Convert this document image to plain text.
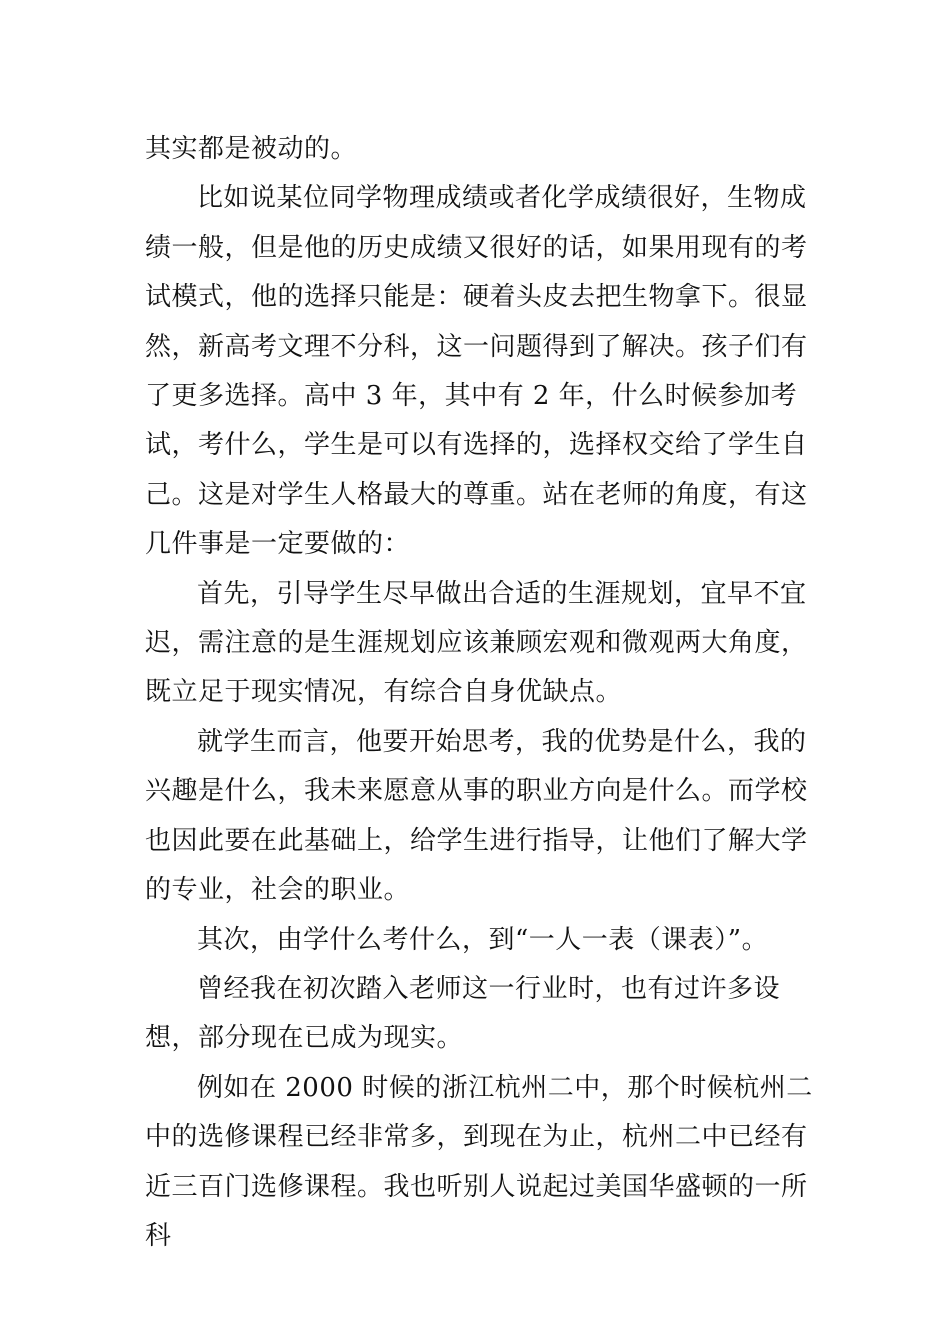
其实都是被动的。

比如说某位同学物理成绩或者化学成绩很好，生物成绩一般，但是他的历史成绩又很好的话，如果用现有的考试模式，他的选择只能是：硬着头皮去把生物拿下。很显然，新高考文理不分科，这一问题得到了解决。孩子们有了更多选择。高中 3 年，其中有 2 年，什么时候参加考试，考什么，学生是可以有选择的，选择权交给了学生自己。这是对学生人格最大的尊重。站在老师的角度，有这几件事是一定要做的：

首先，引导学生尽早做出合适的生涯规划，宜早不宜迟，需注意的是生涯规划应该兼顾宏观和微观两大角度，既立足于现实情况，有综合自身优缺点。

就学生而言，他要开始思考，我的优势是什么，我的兴趣是什么，我未来愿意从事的职业方向是什么。而学校也因此要在此基础上，给学生进行指导，让他们了解大学的专业，社会的职业。

其次，由学什么考什么，到“一人一表（课表）”。

曾经我在初次踏入老师这一行业时，也有过许多设想，部分现在已成为现实。

例如在 2000 时候的浙江杭州二中，那个时候杭州二中的选修课程已经非常多，到现在为止，杭州二中已经有近三百门选修课程。我也听别人说起过美国华盛顿的一所科
